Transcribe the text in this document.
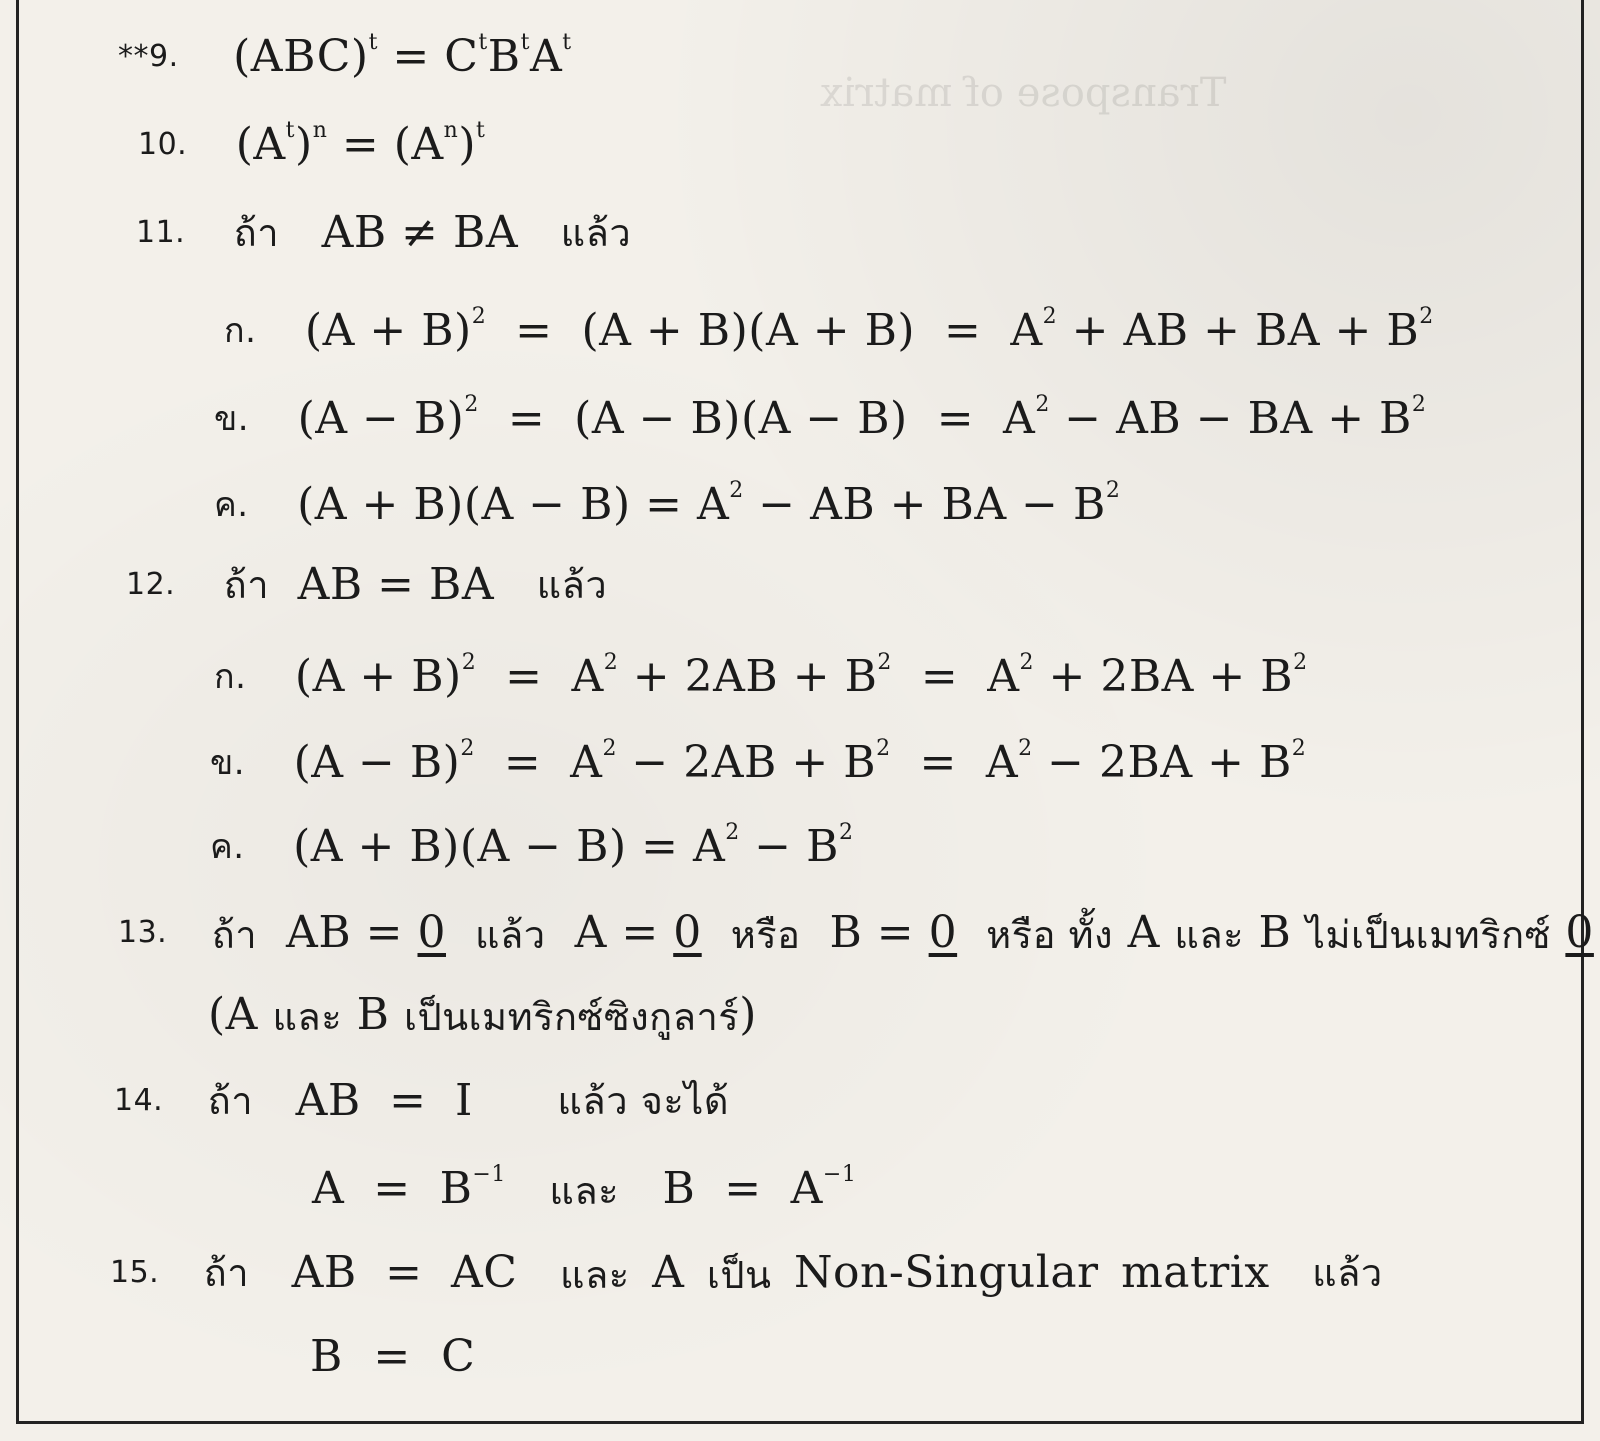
Transpose of matrix
**9. $(ABC)^t = C^tB^tA^t$
10. $(A^t)^n = (A^n)^t$
11. ถ้า AB ≠ BA แล้ว
ก. $(A + B)^2 = (A + B)(A + B) = A^2$ + AB + BA + $B^2$
ข. $(A - B)^2 = (A - B)(A - B) = A^2$ − AB − BA + $B^2$
ค. $(A + B)(A - B) = A^2$ − AB + BA − $B^2$
12. ถ้า AB = BA แล้ว
ก. $(A + B)^2 = A^2 + 2AB + B^2 = A^2 + 2BA + B^2$
ข. $(A - B)^2 = A^2 - 2AB + B^2 = A^2 - 2BA + B^2$
ค. $(A + B)(A - B) = A^2 - B^2$
13. ถ้า  AB = 0 แล้ว  A = 0 หรือ  B = 0 หรือ ทั้ง A และ B ไม่เป็นเมทริกซ์ 0
(A และ B เป็นเมทริกซ์ซิงกูลาร์)
14. ถ้า AB = I แล้ว จะได้
$A = B^{-1}$ และ   $B = A^{-1}$
15. ถ้า AB = AC และ A เป็น Non-Singular matrix แล้ว
B = C
